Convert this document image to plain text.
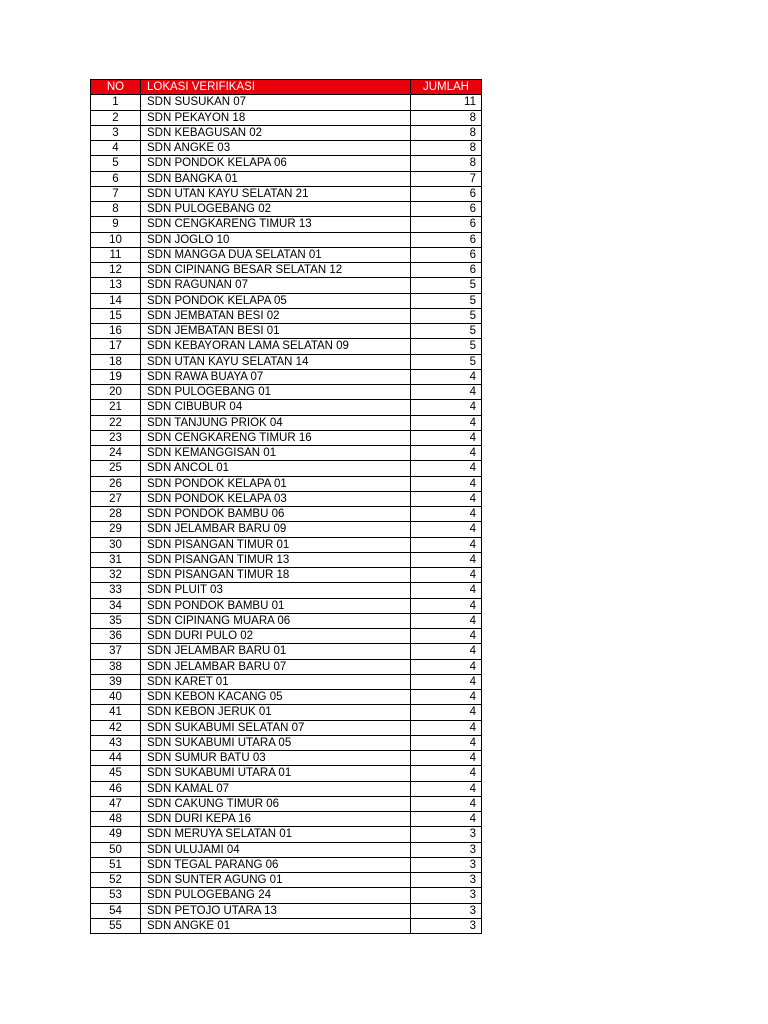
NO	LOKASI VERIFIKASI	JUMLAH
1	SDN SUSUKAN 07	11
2	SDN PEKAYON 18	8
3	SDN KEBAGUSAN 02	8
4	SDN ANGKE 03	8
5	SDN PONDOK KELAPA 06	8
6	SDN BANGKA 01	7
7	SDN UTAN KAYU SELATAN 21	6
8	SDN PULOGEBANG 02	6
9	SDN CENGKARENG TIMUR 13	6
10	SDN JOGLO 10	6
11	SDN MANGGA DUA SELATAN 01	6
12	SDN CIPINANG BESAR SELATAN 12	6
13	SDN RAGUNAN 07	5
14	SDN PONDOK KELAPA 05	5
15	SDN JEMBATAN BESI 02	5
16	SDN JEMBATAN BESI 01	5
17	SDN KEBAYORAN LAMA SELATAN 09	5
18	SDN UTAN KAYU SELATAN 14	5
19	SDN RAWA BUAYA 07	4
20	SDN PULOGEBANG 01	4
21	SDN CIBUBUR 04	4
22	SDN TANJUNG PRIOK 04	4
23	SDN CENGKARENG TIMUR 16	4
24	SDN KEMANGGISAN 01	4
25	SDN ANCOL 01	4
26	SDN PONDOK KELAPA 01	4
27	SDN PONDOK KELAPA 03	4
28	SDN PONDOK BAMBU 06	4
29	SDN JELAMBAR BARU 09	4
30	SDN PISANGAN TIMUR 01	4
31	SDN PISANGAN TIMUR 13	4
32	SDN PISANGAN TIMUR 18	4
33	SDN PLUIT 03	4
34	SDN PONDOK BAMBU 01	4
35	SDN CIPINANG MUARA 06	4
36	SDN DURI PULO 02	4
37	SDN JELAMBAR BARU 01	4
38	SDN JELAMBAR BARU 07	4
39	SDN KARET 01	4
40	SDN KEBON KACANG 05	4
41	SDN KEBON JERUK 01	4
42	SDN SUKABUMI SELATAN 07	4
43	SDN SUKABUMI UTARA 05	4
44	SDN SUMUR BATU 03	4
45	SDN SUKABUMI UTARA 01	4
46	SDN KAMAL 07	4
47	SDN CAKUNG TIMUR 06	4
48	SDN DURI KEPA 16	4
49	SDN MERUYA SELATAN 01	3
50	SDN ULUJAMI 04	3
51	SDN TEGAL PARANG 06	3
52	SDN SUNTER AGUNG 01	3
53	SDN PULOGEBANG 24	3
54	SDN PETOJO UTARA 13	3
55	SDN ANGKE 01	3
